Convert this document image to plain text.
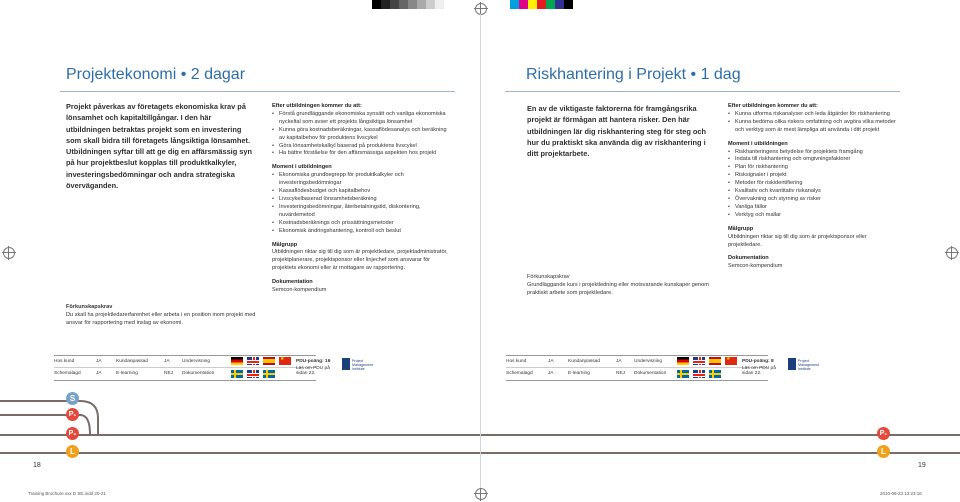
Projektekonomi • 2 dagar
Projekt påverkas av företagets ekonomiska krav på lönsamhet och kapitaltillgångar. I den här utbildningen betraktas projekt som en investering som skall bidra till företagets långsiktiga lönsamhet. Utbildningen syftar till att ge dig en affärsmässig syn på hur projektbeslut kopplas till produktkalkyler, investeringsbedömningar och andra strategiska överväganden.
Förkunskapskrav
Du skall ha projektledarerfarenhet eller arbeta i en position inom projekt med ansvar för rapportering med inslag av ekonomi.
Efter utbildningen kommer du att:
• Förstå grundläggande ekonomiska synsätt och vanliga ekonomiska nyckeltal som avser ett projekts långsiktiga lönsamhet
• Kunna göra kostnadsberäkningar, kassaflödesanalys och beräkning av kapitalbehov för produktens livscykel
• Göra lönsamhetskalkyl baserad på produktens livscykel
• Ha bättre förståelse för den affärsmässiga aspekten hos projekt
Moment i utbildningen
• Ekonomiska grundbegrepp för produktkalkyler och investeringsbedömningar
• Kassaflödesbudget och kapitalbehov
• Livscykelbaserad lönsamhetsberäkning
• Investeringsbedömningar, återbetalningstid, diskontering, nuvärdemetod
• Kostnadsberäknings och prissättningsmetoder
• Ekonomisk ändringshantering, kontroll och beslut
Målgrupp
Utbildningen riktar sig till dig som är projektledare, projektadministratör, projektplanerare, projektsponsor eller linjechef som ansvarar för projektets ekonomi eller är mottagare av rapportering.
Dokumentation
Semcon-kompendium
Hos kund	JA	Kundanpassad	JA	Undervisning
Schemalagd	JA	E-learning	NEJ Dokumentation
★
PDU-poäng: 16
Läs om PDU på sidan 22.
Project Management Institute
S
P₁
P₂
L
18
Riskhantering i Projekt • 1 dag
En av de viktigaste faktorerna för framgångsrika projekt är förmågan att hantera risker. Den här utbildningen lär dig riskhantering steg för steg och hur du praktiskt ska använda dig av riskhantering i ditt projektarbete.
Förkunskapskrav
Grundläggande kurs i projektledning eller motsvarande kunskaper genom praktiskt arbete som projektledare.
Efter utbildningen kommer du att:
• Kunna utforma riskanalyser och leda åtgärder för riskhantering
• Kunna bedöma olika riskers omfattning och avgöra vilka metoder och verktyg som är mest lämpliga att använda i ditt projekt
Moment i utbildningen
• Riskhanteringens betydelse för projektets framgång
• Indata till riskhantering och omgivningsfaktorer
• Plan för riskhantering
• Risksignaler i projekt
• Metoder för riskidentifiering
• Kvalitativ och kvantitativ riskanalys
• Övervakning och styrning av risker
• Vanliga fällor
• Verktyg och mallar
Målgrupp
Utbildningen riktar sig till dig som är projektsponsor eller projektledare.
Dokumentation
Semcon-kompendium
Hos kund	JA	Kundanpassad	JA	Undervisning
Schemalagd	JA	E-learning	NEJ Dokumentation
★
PDU-poäng: 8
Läs om PDU på sidan 22.
Project Management Institute
P₁
L
19
Training Brochure xxx D SE.indd 20-21	2010-08-23 13:23:16
